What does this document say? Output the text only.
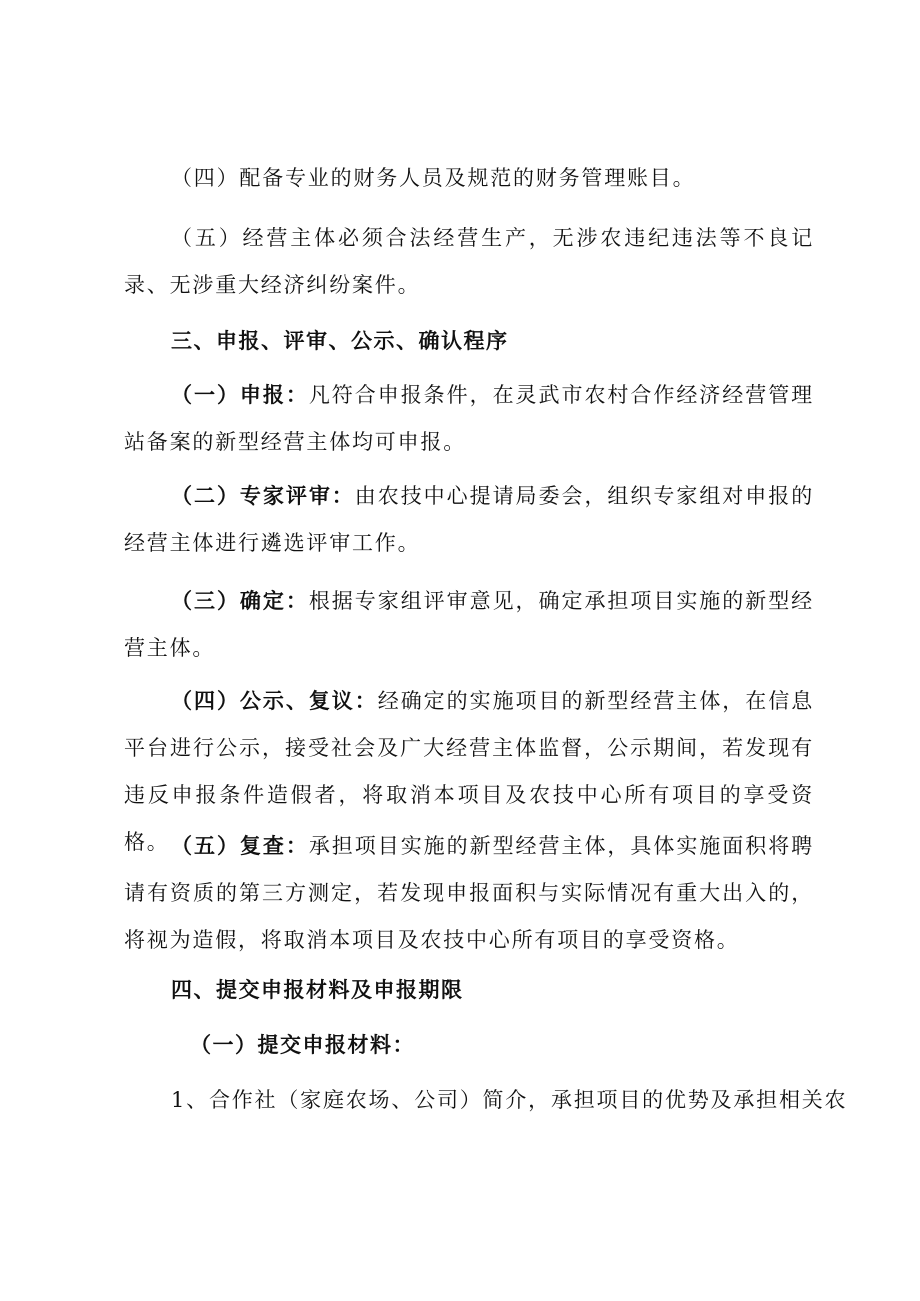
（四）配备专业的财务人员及规范的财务管理账目。

（五）经营主体必须合法经营生产，无涉农违纪违法等不良记录、无涉重大经济纠纷案件。

三、申报、评审、公示、确认程序

（一）申报：凡符合申报条件，在灵武市农村合作经济经营管理站备案的新型经营主体均可申报。

（二）专家评审：由农技中心提请局委会，组织专家组对申报的经营主体进行遴选评审工作。

（三）确定：根据专家组评审意见，确定承担项目实施的新型经营主体。

（四）公示、复议：经确定的实施项目的新型经营主体，在信息平台进行公示，接受社会及广大经营主体监督，公示期间，若发现有违反申报条件造假者，将取消本项目及农技中心所有项目的享受资格。 （五）复查：承担项目实施的新型经营主体，具体实施面积将聘请有资质的第三方测定，若发现申报面积与实际情况有重大出入的，将视为造假，将取消本项目及农技中心所有项目的享受资格。

四、提交申报材料及申报期限

（一）提交申报材料：

1、合作社（家庭农场、公司）简介，承担项目的优势及承担相关农
